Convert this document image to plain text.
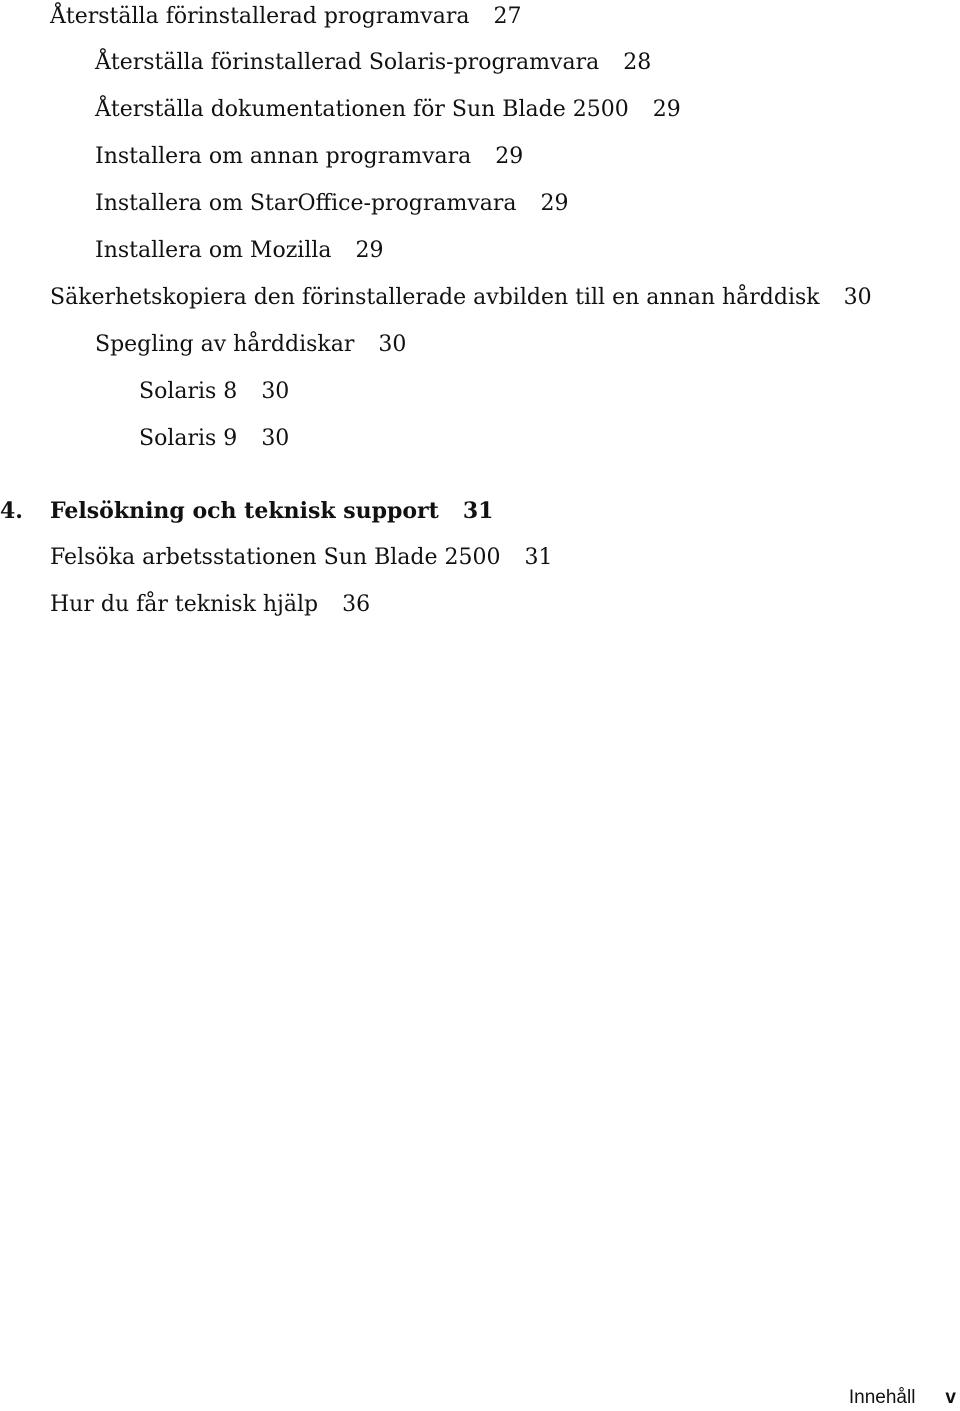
Återställa förinstallerad programvara 27
Återställa förinstallerad Solaris-programvara 28
Återställa dokumentationen för Sun Blade 2500 29
Installera om annan programvara 29
Installera om StarOffice-programvara 29
Installera om Mozilla 29
Säkerhetskopiera den förinstallerade avbilden till en annan hårddisk 30
Spegling av hårddiskar 30
Solaris 8 30
Solaris 9 30
4. Felsökning och teknisk support 31
Felsöka arbetsstationen Sun Blade 2500 31
Hur du får teknisk hjälp 36
Innehåll v
